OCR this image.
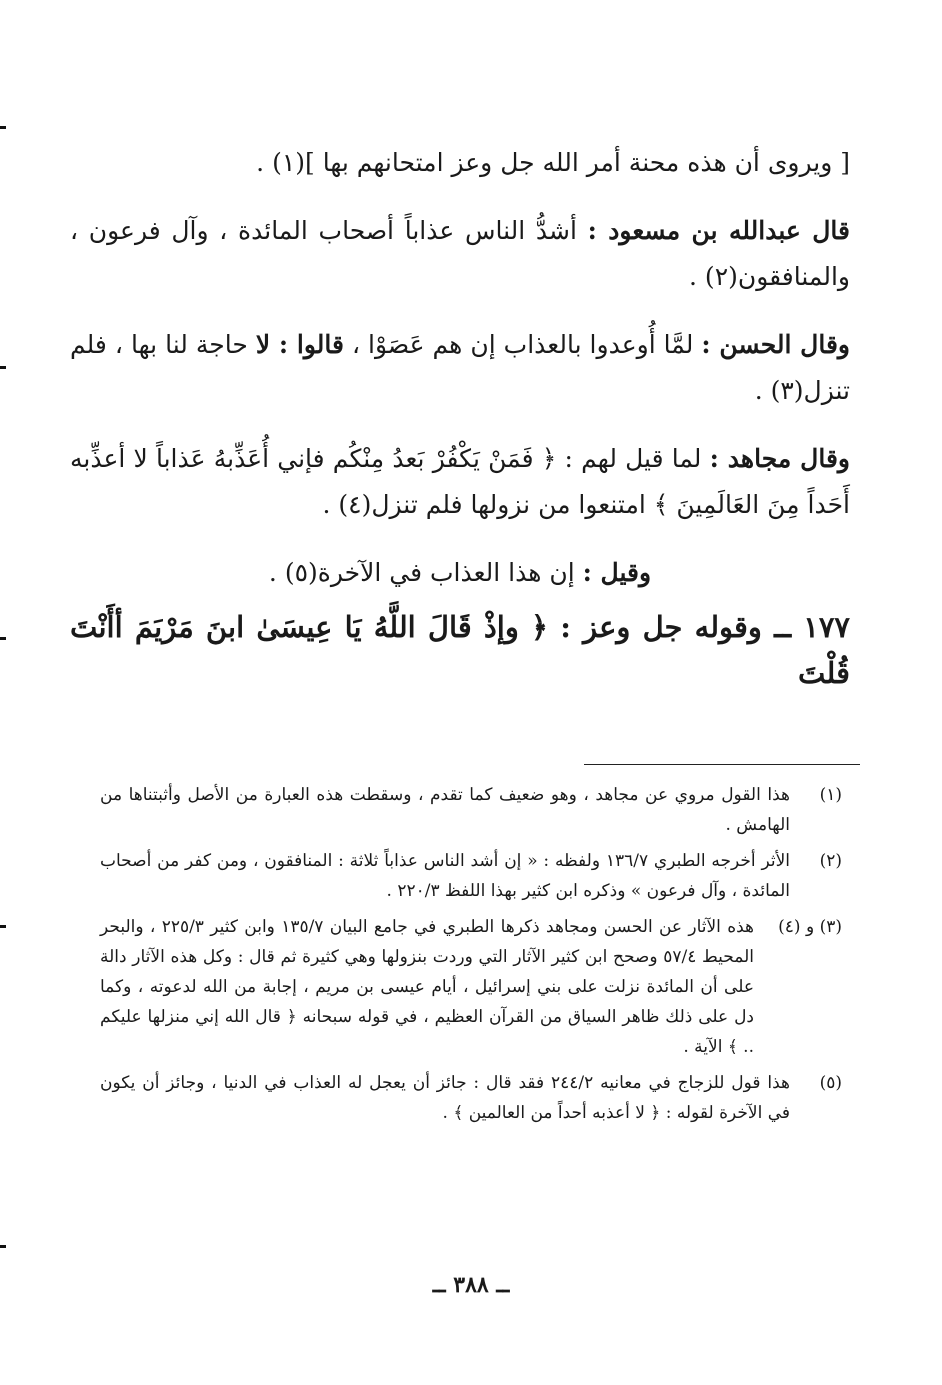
[ ويروى أن هذه محنة أمر الله جل وعز امتحانهم بها ](١) .

قال عبدالله بن مسعود : أشدُّ الناس عذاباً أصحاب المائدة ، وآل فرعون ، والمنافقون(٢) .

وقال الحسن : لمَّا أُوعدوا بالعذاب إن هم عَصَوْا ، قالوا : لا حاجة لنا بها ، فلم تنزل(٣) .

وقال مجاهد : لما قيل لهم : ﴿ فَمَنْ يَكْفُرْ بَعدُ مِنْكُم فإني أُعَذِّبهُ عَذاباً لا أعذِّبه أَحَداً مِنَ العَالَمِينَ ﴾ امتنعوا من نزولها فلم تنزل(٤) .

وقيل : إن هذا العذاب في الآخرة(٥) .

١٧٧ ــ وقوله جل وعز : ﴿ وإذْ قَالَ اللَّهُ يَا عِيسَىٰ ابنَ مَرْيَمَ أأَنْتَ قُلْتَ

(١)
هذا القول مروي عن مجاهد ، وهو ضعيف كما تقدم ، وسقطت هذه العبارة من الأصل وأثبتناها من الهامش .
(٢)
الأثر أخرجه الطبري ١٣٦/٧ ولفظه : « إن أشد الناس عذاباً ثلاثة : المنافقون ، ومن كفر من أصحاب المائدة ، وآل فرعون » وذكره ابن كثير بهذا اللفظ ٢٢٠/٣ .
(٣) و (٤)
هذه الآثار عن الحسن ومجاهد ذكرها الطبري في جامع البيان ١٣٥/٧ وابن كثير ٢٢٥/٣ ، والبحر المحيط ٥٧/٤ وصحح ابن كثير الآثار التي وردت بنزولها وهي كثيرة ثم قال : وكل هذه الآثار دالة على أن المائدة نزلت على بني إسرائيل ، أيام عيسى بن مريم ، إجابة من الله لدعوته ، وكما دل على ذلك ظاهر السياق من القرآن العظيم ، في قوله سبحانه ﴿ قال الله إني منزلها عليكم .. ﴾ الآية .
(٥)
هذا قول للزجاج في معانيه ٢٤٤/٢ فقد قال : جائز أن يعجل له العذاب في الدنيا ، وجائز أن يكون في الآخرة لقوله : ﴿ لا أعذبه أحداً من العالمين ﴾ .
ــ ٣٨٨ ــ
